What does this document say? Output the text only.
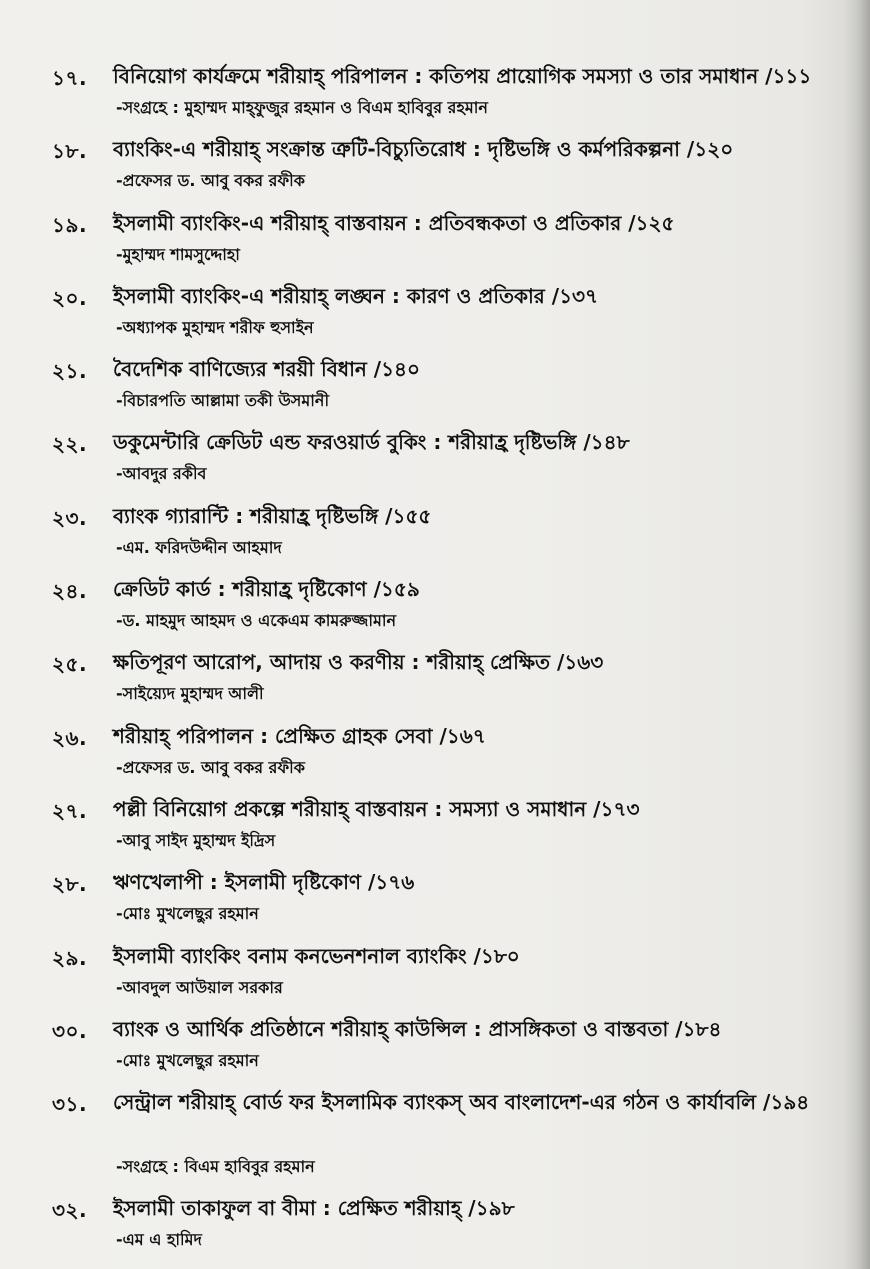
১৭. বিনিয়োগ কার্যক্রমে শরীয়াহ্ পরিপালন : কতিপয় প্রায়োগিক সমস্যা ও তার সমাধান /১১১
-সংগ্রহে : মুহাম্মদ মাহ্ফুজুর রহমান ও বিএম হাবিবুর রহমান
১৮. ব্যাংকিং-এ শরীয়াহ্ সংক্রান্ত ত্রুটি-বিচ্যুতিরোধ : দৃষ্টিভঙ্গি ও কর্মপরিকল্পনা /১২০
-প্রফেসর ড. আবু বকর রফীক
১৯. ইসলামী ব্যাংকিং-এ শরীয়াহ্ বাস্তবায়ন : প্রতিবন্ধকতা ও প্রতিকার /১২৫
-মুহাম্মদ শামসুদ্দোহা
২০. ইসলামী ব্যাংকিং-এ শরীয়াহ্ লঙ্ঘন : কারণ ও প্রতিকার /১৩৭
-অধ্যাপক মুহাম্মদ শরীফ হুসাইন
২১. বৈদেশিক বাণিজ্যের শরয়ী বিধান /১৪০
-বিচারপতি আল্লামা তকী উসমানী
২২. ডকুমেন্টারি ক্রেডিট এন্ড ফরওয়ার্ড বুকিং : শরীয়াহ্র দৃষ্টিভঙ্গি /১৪৮
-আবদুর রকীব
২৩. ব্যাংক গ্যারান্টি : শরীয়াহ্র দৃষ্টিভঙ্গি /১৫৫
-এম. ফরিদউদ্দীন আহমাদ
২৪. ক্রেডিট কার্ড : শরীয়াহ্র দৃষ্টিকোণ /১৫৯
-ড. মাহমুদ আহমদ ও একেএম কামরুজ্জামান
২৫. ক্ষতিপূরণ আরোপ, আদায় ও করণীয় : শরীয়াহ্ প্রেক্ষিত /১৬৩
-সাইয়্যেদ মুহাম্মদ আলী
২৬. শরীয়াহ্ পরিপালন : প্রেক্ষিত গ্রাহক সেবা /১৬৭
-প্রফেসর ড. আবু বকর রফীক
২৭. পল্লী বিনিয়োগ প্রকল্পে শরীয়াহ্ বাস্তবায়ন : সমস্যা ও সমাধান /১৭৩
-আবু সাইদ মুহাম্মদ ইদ্রিস
২৮. ঋণখেলাপী : ইসলামী দৃষ্টিকোণ /১৭৬
-মোঃ মুখলেছুর রহমান
২৯. ইসলামী ব্যাংকিং বনাম কনভেনশনাল ব্যাংকিং /১৮০
-আবদুল আউয়াল সরকার
৩০. ব্যাংক ও আর্থিক প্রতিষ্ঠানে শরীয়াহ্ কাউন্সিল : প্রাসঙ্গিকতা ও বাস্তবতা /১৮৪
-মোঃ মুখলেছুর রহমান
৩১. সেন্ট্রাল শরীয়াহ্ বোর্ড ফর ইসলামিক ব্যাংকস্ অব বাংলাদেশ-এর গঠন ও কার্যাবলি /১৯৪
-সংগ্রহে : বিএম হাবিবুর রহমান
৩২. ইসলামী তাকাফুল বা বীমা : প্রেক্ষিত শরীয়াহ্ /১৯৮
-এম এ হামিদ
